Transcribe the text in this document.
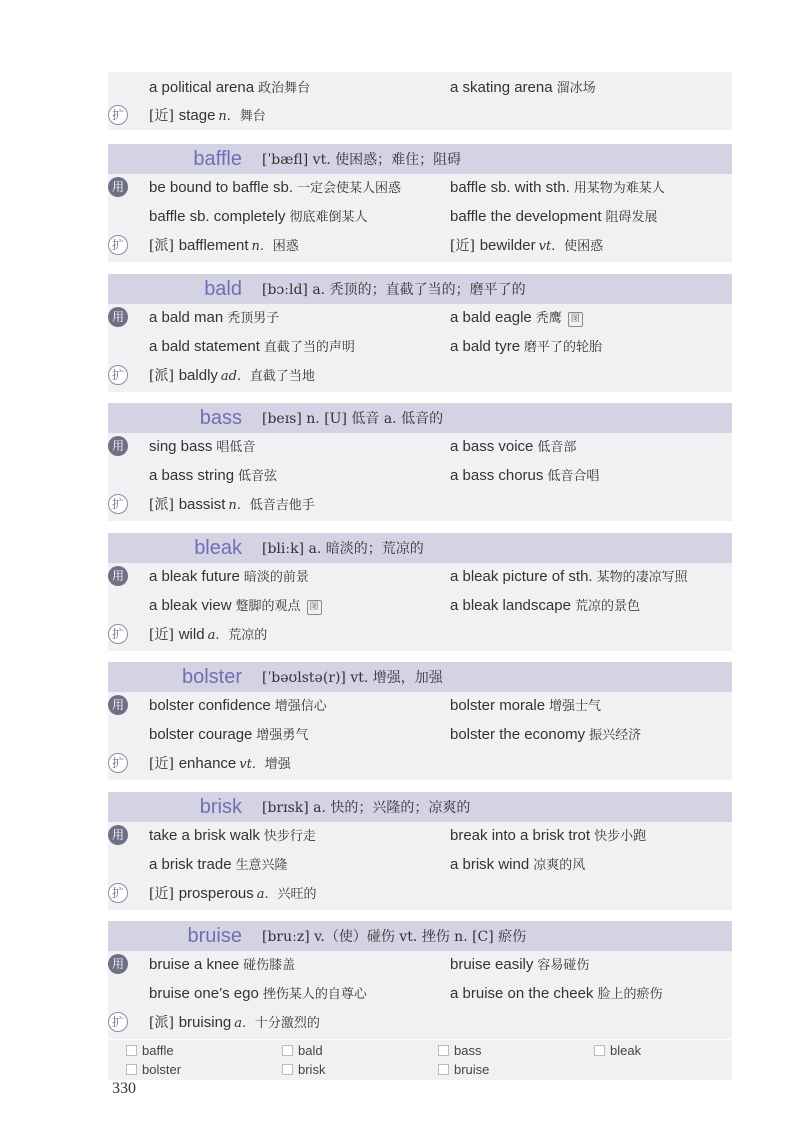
a political arena 政治舞台	a skating arena 溜冰场
扩 [近] stage n. 舞台
baffle [ˈbæfl] vt. 使困惑；难住；阻碍
用 be bound to baffle sb. 一定会使某人困惑	baffle sb. with sth. 用某物为难某人
baffle sb. completely 彻底难倒某人	baffle the development 阻碍发展
扩 [派] bafflement n. 困惑	[近] bewilder vt. 使困惑
bald [bɔːld] a. 秃顶的；直截了当的；磨平了的
用 a bald man 秃顶男子	a bald eagle 秃鹰 图
a bald statement 直截了当的声明	a bald tyre 磨平了的轮胎
扩 [派] baldly ad. 直截了当地
bass [beɪs] n. [U] 低音 a. 低音的
用 sing bass 唱低音	a bass voice 低音部
a bass string 低音弦	a bass chorus 低音合唱
扩 [派] bassist n. 低音吉他手
bleak [bliːk] a. 暗淡的；荒凉的
用 a bleak future 暗淡的前景	a bleak picture of sth. 某物的凄凉写照
a bleak view 蹩脚的观点 图	a bleak landscape 荒凉的景色
扩 [近] wild a. 荒凉的
bolster [ˈbəʊlstə(r)] vt. 增强，加强
用 bolster confidence 增强信心	bolster morale 增强士气
bolster courage 增强勇气	bolster the economy 振兴经济
扩 [近] enhance vt. 增强
brisk [brɪsk] a. 快的；兴隆的；凉爽的
用 take a brisk walk 快步行走	break into a brisk trot 快步小跑
a brisk trade 生意兴隆	a brisk wind 凉爽的风
扩 [近] prosperous a. 兴旺的
bruise [bruːz] v.（使）碰伤 vt. 挫伤 n. [C] 瘀伤
用 bruise a knee 碰伤膝盖	bruise easily 容易碰伤
bruise one’s ego 挫伤某人的自尊心	a bruise on the cheek 脸上的瘀伤
扩 [派] bruising a. 十分激烈的
baffle	bald	bass	bleak
bolster	brisk	bruise
330
